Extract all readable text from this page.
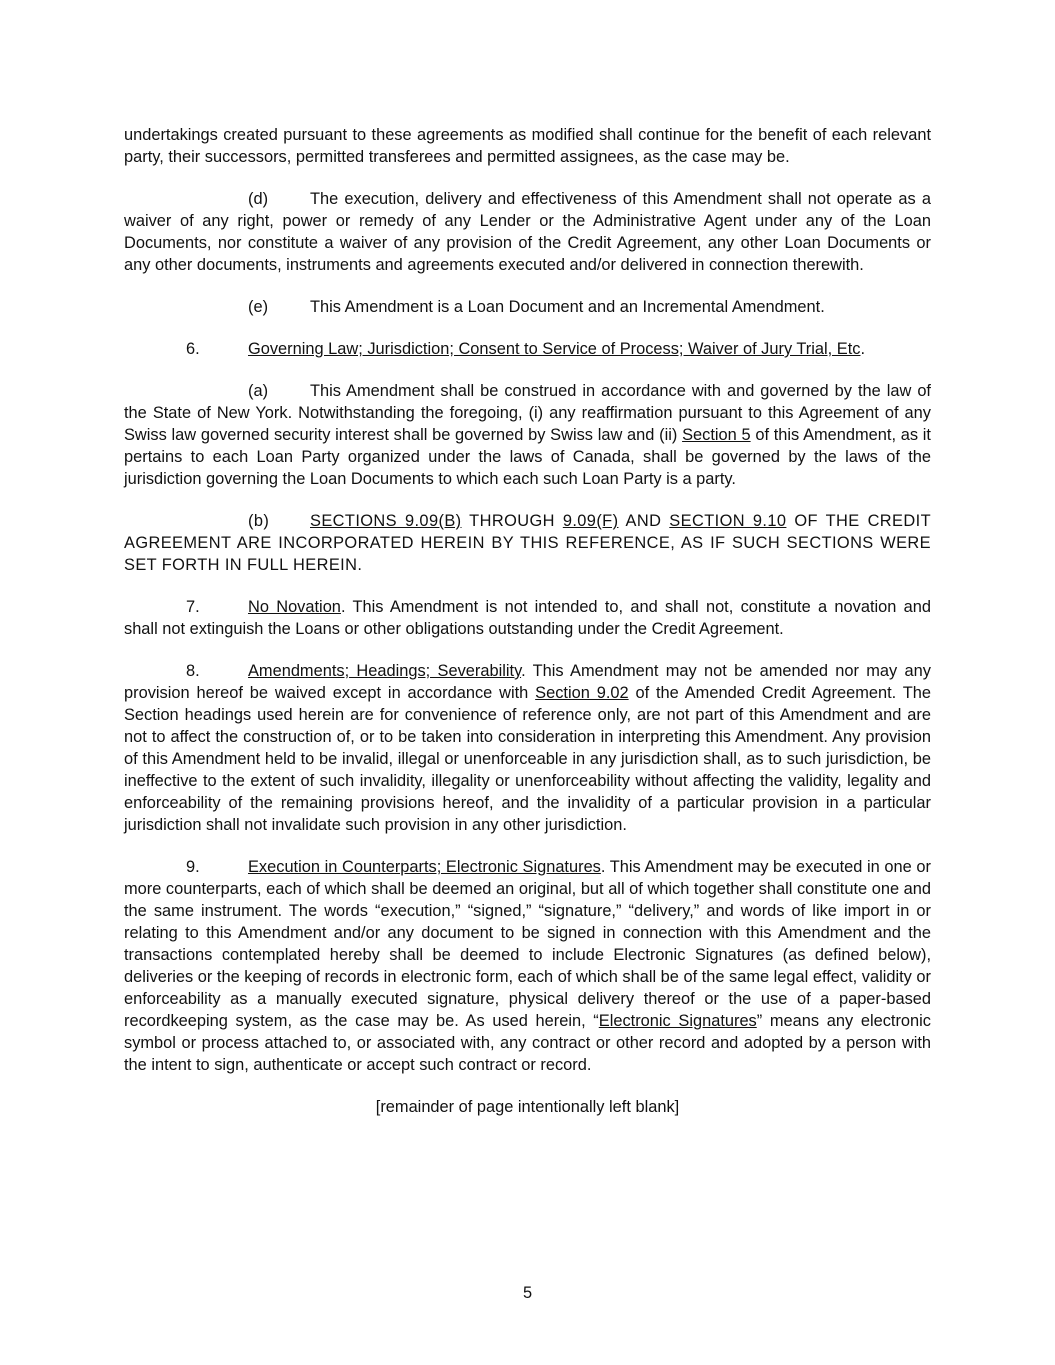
undertakings created pursuant to these agreements as modified shall continue for the benefit of each relevant party, their successors, permitted transferees and permitted assignees, as the case may be.

(d)	The execution, delivery and effectiveness of this Amendment shall not operate as a waiver of any right, power or remedy of any Lender or the Administrative Agent under any of the Loan Documents, nor constitute a waiver of any provision of the Credit Agreement, any other Loan Documents or any other documents, instruments and agreements executed and/or delivered in connection therewith.

(e)	This Amendment is a Loan Document and an Incremental Amendment.

6.	Governing Law; Jurisdiction; Consent to Service of Process; Waiver of Jury Trial, Etc.

(a)	This Amendment shall be construed in accordance with and governed by the law of the State of New York. Notwithstanding the foregoing, (i) any reaffirmation pursuant to this Agreement of any Swiss law governed security interest shall be governed by Swiss law and (ii) Section 5 of this Amendment, as it pertains to each Loan Party organized under the laws of Canada, shall be governed by the laws of the jurisdiction governing the Loan Documents to which each such Loan Party is a party.

(b) SECTIONS 9.09(B) THROUGH 9.09(F) AND SECTION 9.10 OF THE CREDIT AGREEMENT ARE INCORPORATED HEREIN BY THIS REFERENCE, AS IF SUCH SECTIONS WERE SET FORTH IN FULL HEREIN.

7.	No Novation. This Amendment is not intended to, and shall not, constitute a novation and shall not extinguish the Loans or other obligations outstanding under the Credit Agreement.

8.	Amendments; Headings; Severability. This Amendment may not be amended nor may any provision hereof be waived except in accordance with Section 9.02 of the Amended Credit Agreement. The Section headings used herein are for convenience of reference only, are not part of this Amendment and are not to affect the construction of, or to be taken into consideration in interpreting this Amendment. Any provision of this Amendment held to be invalid, illegal or unenforceable in any jurisdiction shall, as to such jurisdiction, be ineffective to the extent of such invalidity, illegality or unenforceability without affecting the validity, legality and enforceability of the remaining provisions hereof, and the invalidity of a particular provision in a particular jurisdiction shall not invalidate such provision in any other jurisdiction.

9.	Execution in Counterparts; Electronic Signatures. This Amendment may be executed in one or more counterparts, each of which shall be deemed an original, but all of which together shall constitute one and the same instrument. The words “execution,” “signed,” “signature,” “delivery,” and words of like import in or relating to this Amendment and/or any document to be signed in connection with this Amendment and the transactions contemplated hereby shall be deemed to include Electronic Signatures (as defined below), deliveries or the keeping of records in electronic form, each of which shall be of the same legal effect, validity or enforceability as a manually executed signature, physical delivery thereof or the use of a paper-based recordkeeping system, as the case may be. As used herein, “Electronic Signatures” means any electronic symbol or process attached to, or associated with, any contract or other record and adopted by a person with the intent to sign, authenticate or accept such contract or record.

[remainder of page intentionally left blank]

5
